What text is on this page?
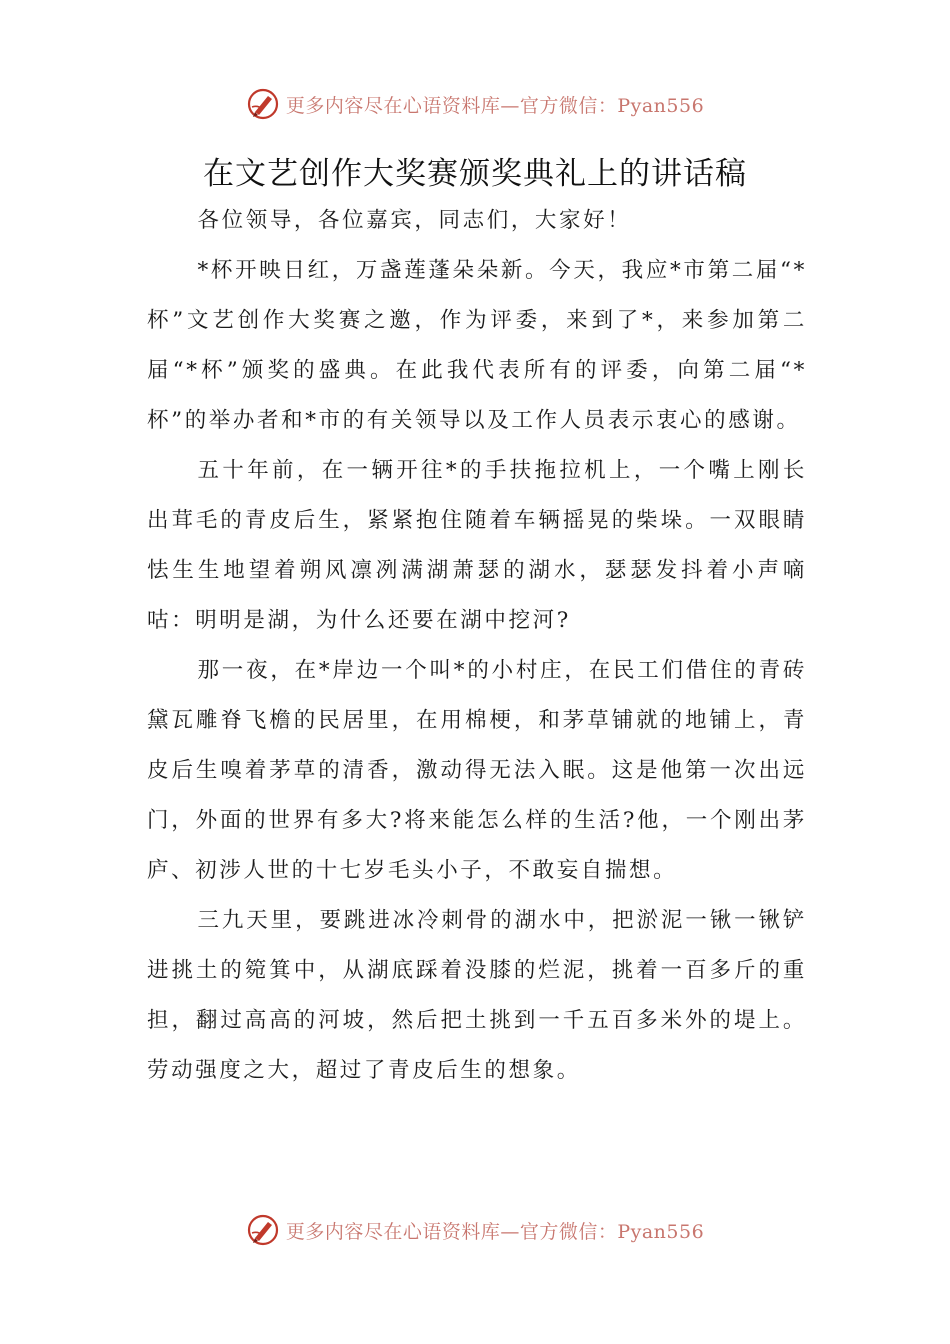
更多内容尽在心语资料库—官方微信：Pyan556
在文艺创作大奖赛颁奖典礼上的讲话稿

各位领导，各位嘉宾，同志们，大家好！

*杯开映日红，万盏莲蓬朵朵新。今天，我应*市第二届“*杯”文艺创作大奖赛之邀，作为评委，来到了*，来参加第二届“*杯”颁奖的盛典。在此我代表所有的评委，向第二届“*杯”的举办者和*市的有关领导以及工作人员表示衷心的感谢。

五十年前，在一辆开往*的手扶拖拉机上，一个嘴上刚长出茸毛的青皮后生，紧紧抱住随着车辆摇晃的柴垛。一双眼睛怯生生地望着朔风凛冽满湖萧瑟的湖水，瑟瑟发抖着小声嘀咕：明明是湖，为什么还要在湖中挖河?

那一夜，在*岸边一个叫*的小村庄，在民工们借住的青砖黛瓦雕脊飞檐的民居里，在用棉梗，和茅草铺就的地铺上，青皮后生嗅着茅草的清香，激动得无法入眠。这是他第一次出远门，外面的世界有多大?将来能怎么样的生活?他，一个刚出茅庐、初涉人世的十七岁毛头小子，不敢妄自揣想。

三九天里，要跳进冰冷刺骨的湖水中，把淤泥一锹一锹铲进挑土的箢箕中，从湖底踩着没膝的烂泥，挑着一百多斤的重担，翻过高高的河坡，然后把土挑到一千五百多米外的堤上。劳动强度之大，超过了青皮后生的想象。

更多内容尽在心语资料库—官方微信：Pyan556
